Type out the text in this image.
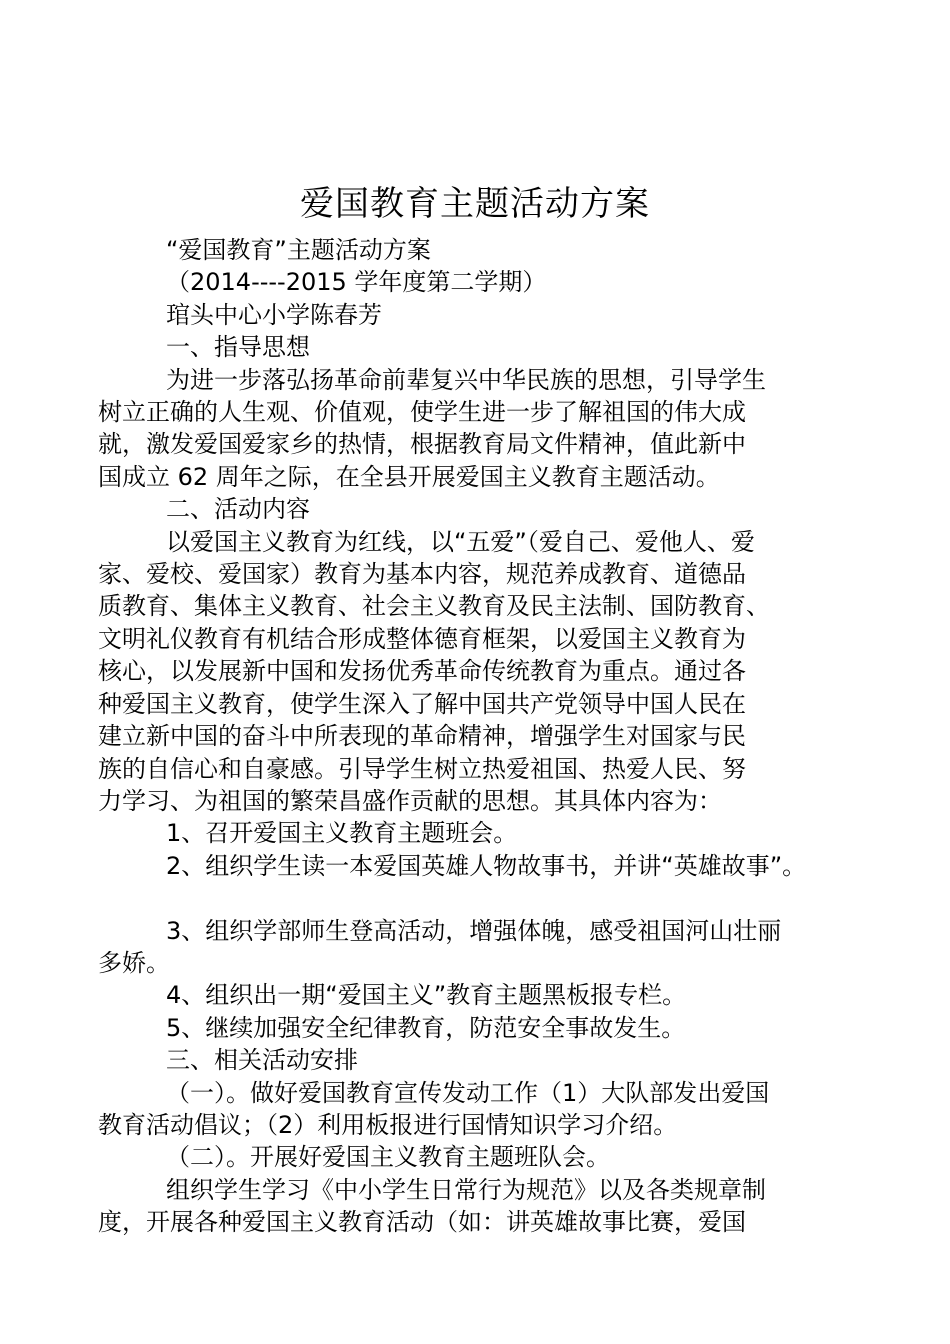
爱国教育主题活动方案
“爱国教育”主题活动方案
（2014----2015 学年度第二学期）
琯头中心小学陈春芳
一、指导思想
为进一步落弘扬革命前辈复兴中华民族的思想，引导学生
树立正确的人生观、价值观，使学生进一步了解祖国的伟大成
就，激发爱国爱家乡的热情，根据教育局文件精神，值此新中
国成立 62 周年之际，在全县开展爱国主义教育主题活动。
二、活动内容
以爱国主义教育为红线，以“五爱”（爱自己、爱他人、爱
家、爱校、爱国家）教育为基本内容，规范养成教育、道德品
质教育、集体主义教育、社会主义教育及民主法制、国防教育、
文明礼仪教育有机结合形成整体德育框架，以爱国主义教育为
核心，以发展新中国和发扬优秀革命传统教育为重点。通过各
种爱国主义教育，使学生深入了解中国共产党领导中国人民在
建立新中国的奋斗中所表现的革命精神，增强学生对国家与民
族的自信心和自豪感。引导学生树立热爱祖国、热爱人民、努
力学习、为祖国的繁荣昌盛作贡献的思想。其具体内容为：
1、召开爱国主义教育主题班会。
2、组织学生读一本爱国英雄人物故事书，并讲“英雄故事”。
3、组织学部师生登高活动，增强体魄，感受祖国河山壮丽
多娇。
4、组织出一期“爱国主义”教育主题黑板报专栏。
5、继续加强安全纪律教育，防范安全事故发生。
三、相关活动安排
（一）。做好爱国教育宣传发动工作（1）大队部发出爱国
教育活动倡议；（2）利用板报进行国情知识学习介绍。
（二）。开展好爱国主义教育主题班队会。
组织学生学习《中小学生日常行为规范》以及各类规章制
度，开展各种爱国主义教育活动（如：讲英雄故事比赛，爱国
